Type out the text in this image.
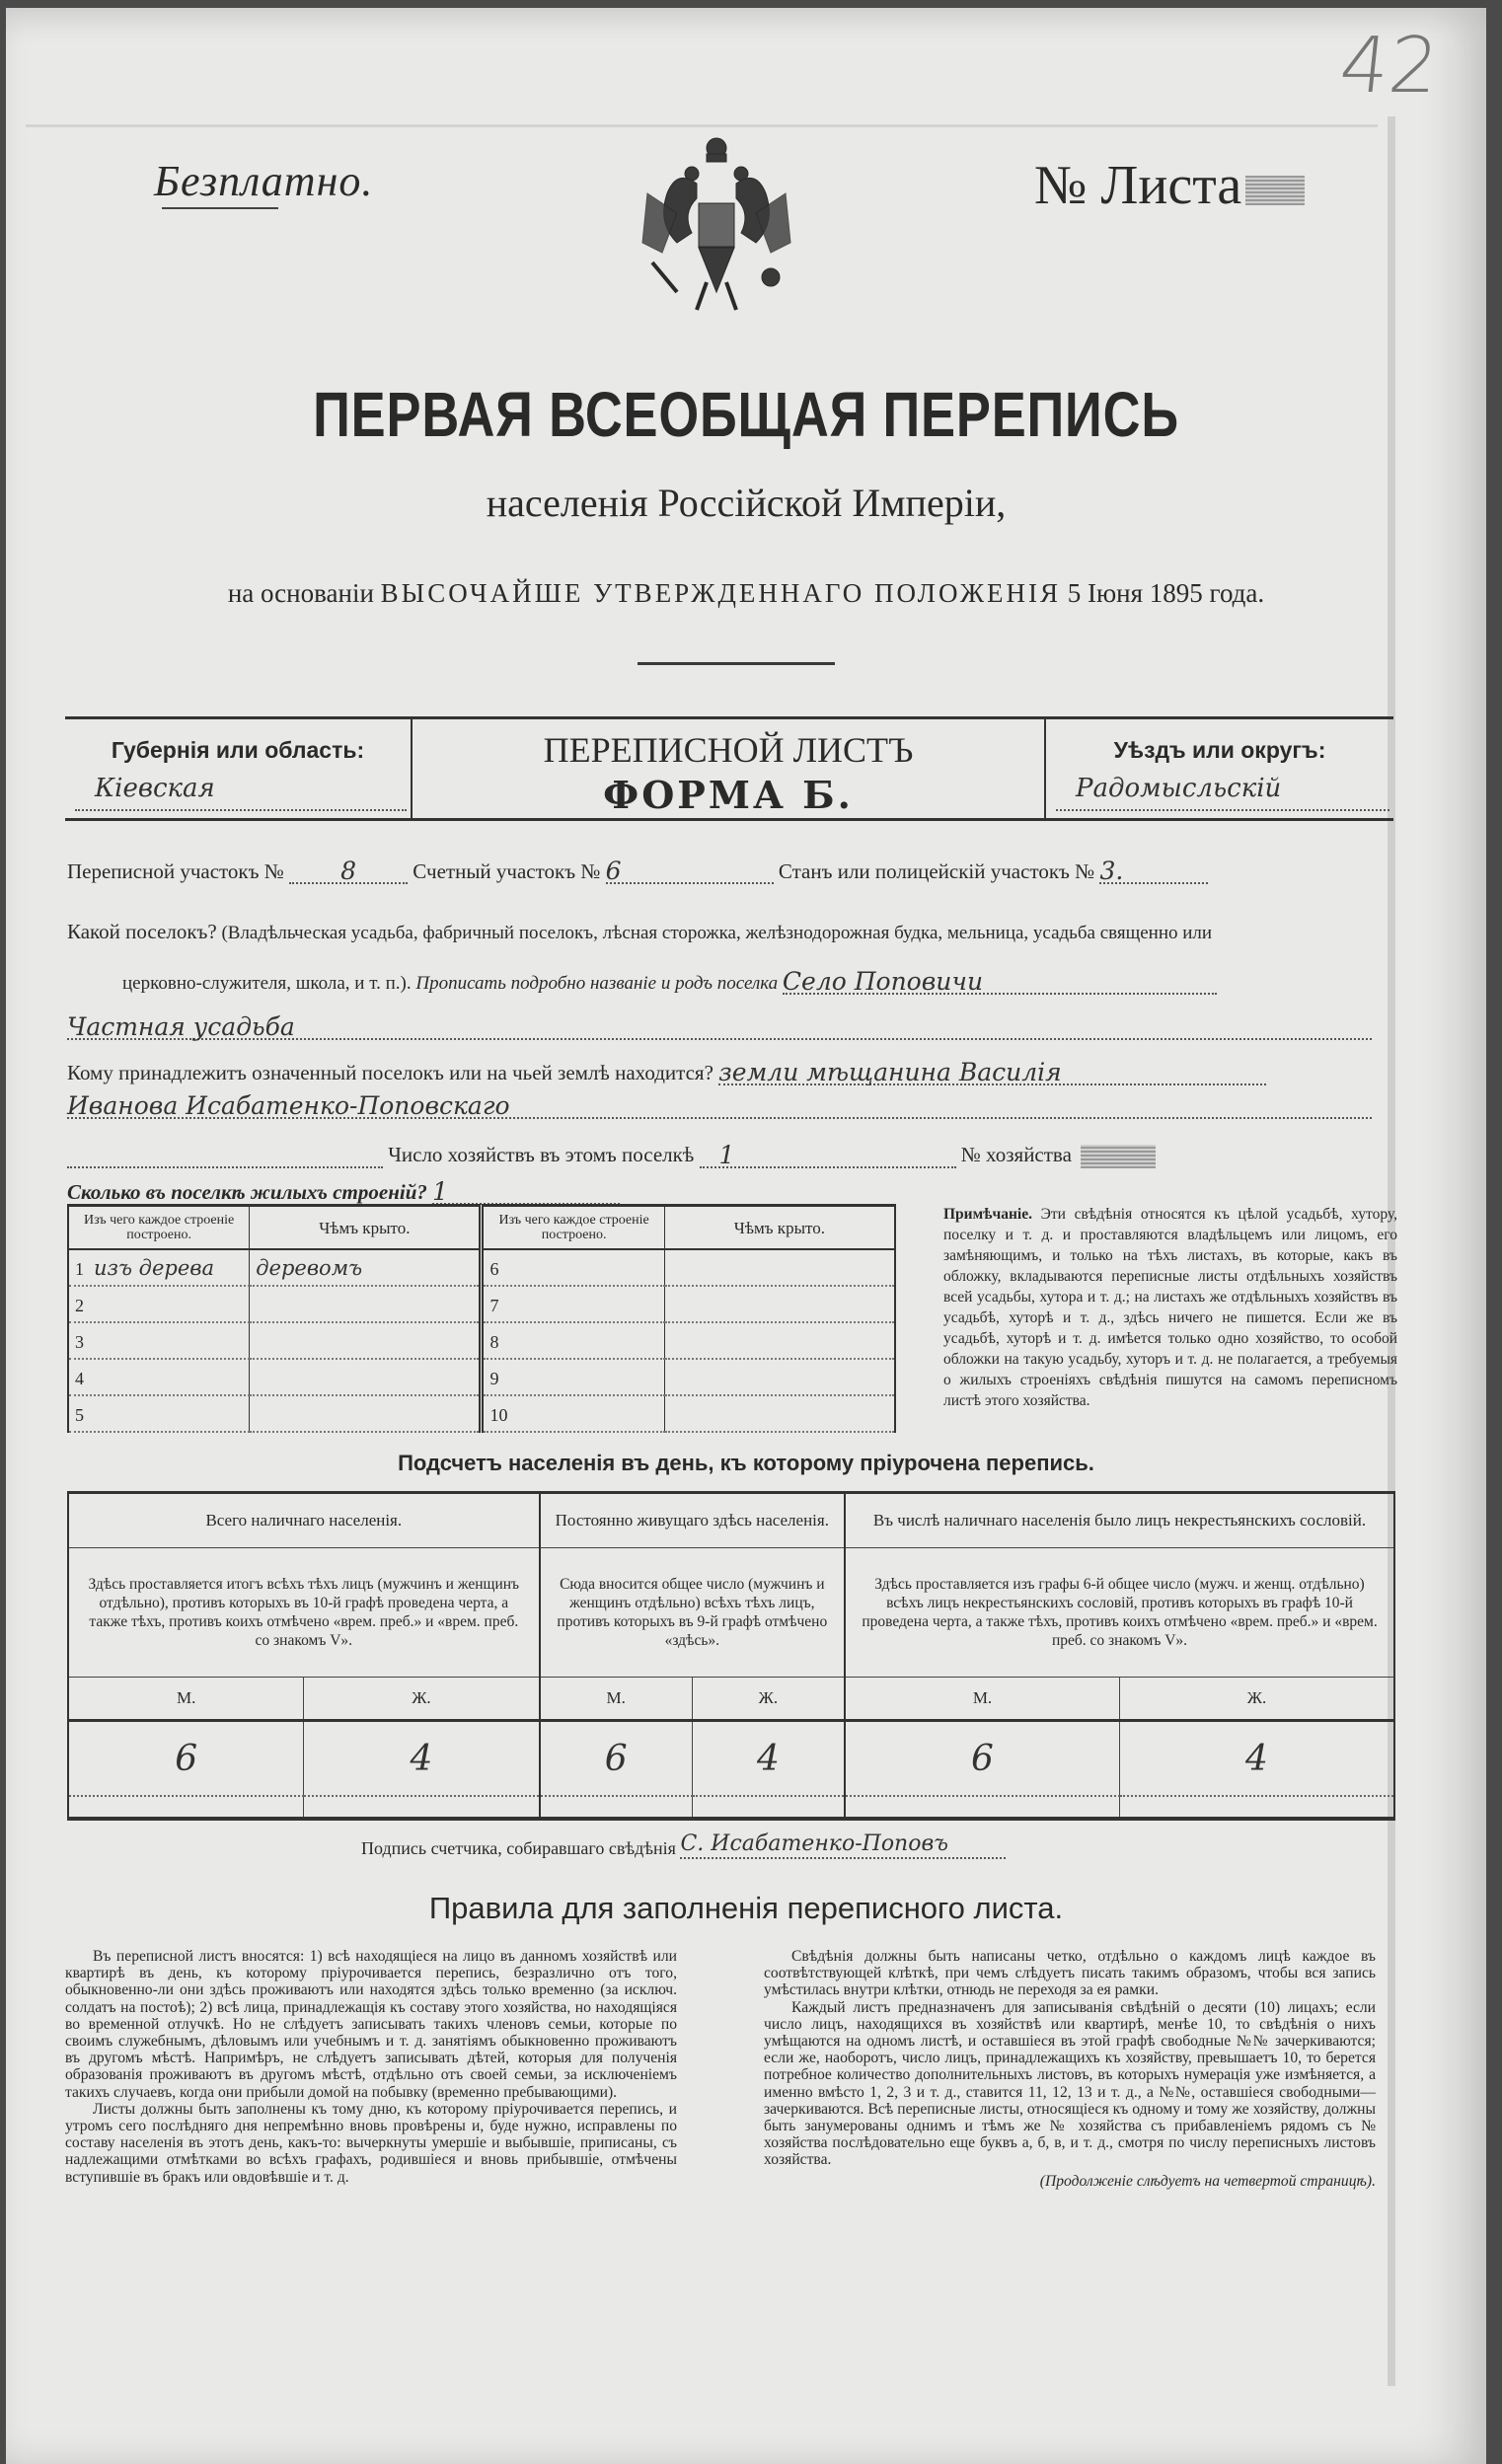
42
Безплатно.	№ Листа
ПЕРВАЯ ВСЕОБЩАЯ ПЕРЕПИСЬ
населенія Россійской Имперіи,
на основаніи ВЫСОЧАЙШЕ УТВЕРЖДЕННАГО ПОЛОЖЕНІЯ 5 Іюня 1895 года.
Губернія или область:
Кіевская
ПЕРЕПИСНОЙ ЛИСТЪ
ФОРМА Б.
Уѣздъ или округъ:
Радомысльскій
Переписной участокъ № 8	Счетный участокъ № 6	Станъ или полицейскій участокъ № 3.
Какой поселокъ? (Владѣльческая усадьба, фабричный поселокъ, лѣсная сторожка, желѣзнодорожная будка, мельница, усадьба священно или
церковно-служителя, школа, и т. п.). Прописать подробно названіе и родъ поселка Село Поповичи
Частная усадьба
Кому принадлежитъ означенный поселокъ или на чьей землѣ находится? земли мѣщанина Василія
Иванова Исабатенко-Поповскаго
Число хозяйствъ въ этомъ поселкѣ 1	№ хозяйства
Сколько въ поселкѣ жилыхъ строеній? 1
Изъ чего каждое строеніе построено.	Чѣмъ крыто.	Изъ чего каждое строеніе построено.	Чѣмъ крыто.
1 изъ дерева	деревомъ	6	
2		7	
3		8	
4		9	
5		10	
Примѣчаніе. Эти свѣдѣнія относятся къ цѣлой усадьбѣ, хутору, поселку и т. д. и проставляются владѣльцемъ или лицомъ, его замѣняющимъ, и только на тѣхъ листахъ, въ которые, какъ въ обложку, вкладываются переписные листы отдѣльныхъ хозяйствъ всей усадьбы, хутора и т. д.; на листахъ же отдѣльныхъ хозяйствъ въ усадьбѣ, хуторѣ и т. д., здѣсь ничего не пишется. Если же въ усадьбѣ, хуторѣ и т. д. имѣется только одно хозяйство, то особой обложки на такую усадьбу, хуторъ и т. д. не полагается, а требуемыя о жилыхъ строеніяхъ свѣдѣнія пишутся на самомъ переписномъ листѣ этого хозяйства.
Подсчетъ населенія въ день, къ которому пріурочена перепись.
Всего наличнаго населенія.		Постоянно живущаго здѣсь населенія.		Въ числѣ наличнаго населенія было лицъ некрестьянскихъ сословій.	
Здѣсь проставляется итогъ всѣхъ тѣхъ лицъ (мужчинъ и женщинъ отдѣльно), противъ которыхъ въ 10-й графѣ проведена черта, а также тѣхъ, противъ коихъ отмѣчено «врем. преб.» и «врем. преб. со знакомъ V».		Сюда вносится общее число (мужчинъ и женщинъ отдѣльно) всѣхъ тѣхъ лицъ, противъ которыхъ въ 9-й графѣ отмѣчено «здѣсь».		Здѣсь проставляется изъ графы 6-й общее число (мужч. и женщ. отдѣльно) всѣхъ лицъ некрестьянскихъ сословій, противъ которыхъ въ графѣ 10-й проведена черта, а также тѣхъ, противъ коихъ отмѣчено «врем. преб.» и «врем. преб. со знакомъ V».	
М.	Ж.	М.	Ж.	М.	Ж.
6	4	6	4	6	4

Подпись счетчика, собиравшаго свѣдѣнія С. Исабатенко-Поповъ
Правила для заполненія переписного листа.

Въ переписной листъ вносятся: 1) всѣ находящіеся на лицо въ данномъ хозяйствѣ или квартирѣ въ день, къ которому пріурочивается перепись, безразлично отъ того, обыкновенно-ли они здѣсь проживаютъ или находятся здѣсь только временно (за исключ. солдатъ на постоѣ); 2) всѣ лица, принадлежащія къ составу этого хозяйства, но находящіяся во временной отлучкѣ. Но не слѣдуетъ записывать такихъ членовъ семьи, которые по своимъ служебнымъ, дѣловымъ или учебнымъ и т. д. занятіямъ обыкновенно проживаютъ въ другомъ мѣстѣ. Напримѣръ, не слѣдуетъ записывать дѣтей, которыя для полученія образованія проживаютъ въ другомъ мѣстѣ, отдѣльно отъ своей семьи, за исключеніемъ такихъ случаевъ, когда они прибыли домой на побывку (временно пребывающими).

Листы должны быть заполнены къ тому дню, къ которому пріурочивается перепись, и утромъ сего послѣдняго дня непремѣнно вновь провѣрены и, буде нужно, исправлены по составу населенія въ этотъ день, какъ-то: вычеркнуты умершіе и выбывшіе, приписаны, съ надлежащими отмѣтками во всѣхъ графахъ, родившіеся и вновь прибывшіе, отмѣчены вступившіе въ бракъ или овдовѣвшіе и т. д.

Свѣдѣнія должны быть написаны четко, отдѣльно о каждомъ лицѣ каждое въ соотвѣтствующей клѣткѣ, при чемъ слѣдуетъ писать такимъ образомъ, чтобы вся запись умѣстилась внутри клѣтки, отнюдь не переходя за ея рамки.

Каждый листъ предназначенъ для записыванія свѣдѣній о десяти (10) лицахъ; если число лицъ, находящихся въ хозяйствѣ или квартирѣ, менѣе 10, то свѣдѣнія о нихъ умѣщаются на одномъ листѣ, и оставшіеся въ этой графѣ свободные №№ зачеркиваются; если же, наоборотъ, число лицъ, принадлежащихъ къ хозяйству, превышаетъ 10, то берется потребное количество дополнительныхъ листовъ, въ которыхъ нумерація уже измѣняется, а именно вмѣсто 1, 2, 3 и т. д., ставится 11, 12, 13 и т. д., а №№, оставшіеся свободными—зачеркиваются. Всѣ переписные листы, относящіеся къ одному и тому же хозяйству, должны быть занумерованы однимъ и тѣмъ же № хозяйства съ прибавленіемъ рядомъ съ № хозяйства послѣдовательно еще буквъ а, б, в, и т. д., смотря по числу переписныхъ листовъ хозяйства.

(Продолженіе слѣдуетъ на четвертой страницѣ).
